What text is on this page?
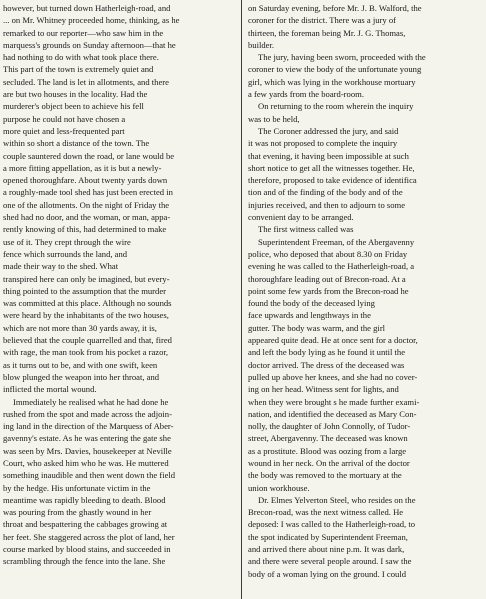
however, but turned down Hatherleigh-road, and
... on Mr. Whitney proceeded home, thinking, as he
remarked to our reporter—who saw him in the
marquess's grounds on Sunday afternoon—that he
had nothing to do with what took place there.
This part of the town is extremely quiet and
secluded. The land is let in allotments, and there
are but two houses in the locality. Had the
murderer's object been to achieve his fell
purpose he could not have chosen a
more quiet and less-frequented part
within so short a distance of the town. The
couple sauntered down the road, or lane would be
a more fitting appellation, as it is but a newly-
opened thoroughfare. About twenty yards down
a roughly-made tool shed has just been erected in
one of the allotments. On the night of Friday the
shed had no door, and the woman, or man, appa-
rently knowing of this, had determined to make
use of it. They crept through the wire
fence which surrounds the land, and
made their way to the shed. What
transpired here can only be imagined, but every-
thing pointed to the assumption that the murder
was committed at this place. Although no sounds
were heard by the inhabitants of the two houses,
which are not more than 30 yards away, it is,
believed that the couple quarrelled and that, fired
with rage, the man took from his pocket a razor,
as it turns out to be, and with one swift, keen
blow plunged the weapon into her throat, and
inflicted the mortal wound.
Immediately he realised what he had done he
rushed from the spot and made across the adjoin-
ing land in the direction of the Marquess of Aber-
gavenny's estate. As he was entering the gate she
was seen by Mrs. Davies, housekeeper at Neville
Court, who asked him who he was. He muttered
something inaudible and then went down the field
by the hedge. His unfortunate victim in the
meantime was rapidly bleeding to death. Blood
was pouring from the ghastly wound in her
throat and bespattering the cabbages growing at
her feet. She staggered across the plot of land, her
course marked by blood stains, and succeeded in
scrambling through the fence into the lane. She
on Saturday evening, before Mr. J. B. Walford, the
coroner for the district. There was a jury of
thirteen, the foreman being Mr. J. G. Thomas,
builder.
The jury, having been sworn, proceeded with the
coroner to view the body of the unfortunate young
girl, which was lying in the workhouse mortuary
a few yards from the board-room.
On returning to the room wherein the inquiry
was to be held,
The Coroner addressed the jury, and said
it was not proposed to complete the inquiry
that evening, it having been impossible at such
short notice to get all the witnesses together. He,
therefore, proposed to take evidence of identifica
tion and of the finding of the body and of the
injuries received, and then to adjourn to some
convenient day to be arranged.
The first witness called was
Superintendent Freeman, of the Abergavenny
police, who deposed that about 8.30 on Friday
evening he was called to the Hatherleigh-road, a
thoroughfare leading out of Brecon-road. At a
point some few yards from the Brecon-road he
found the body of the deceased lying
face upwards and lengthways in the
gutter. The body was warm, and the girl
appeared quite dead. He at once sent for a doctor,
and left the body lying as he found it until the
doctor arrived. The dress of the deceased was
pulled up above her knees, and she had no cover-
ing on her head. Witness sent for lights, and
when they were brought s he made further exami-
nation, and identified the deceased as Mary Con-
nolly, the daughter of John Connolly, of Tudor-
street, Abergavenny. The deceased was known
as a prostitute. Blood was oozing from a large
wound in her neck. On the arrival of the doctor
the body was removed to the mortuary at the
union workhouse.
Dr. Elmes Yelverton Steel, who resides on the
Brecon-road, was the next witness called. He
deposed: I was called to the Hatherleigh-road, to
the spot indicated by Superintendent Freeman,
and arrived there about nine p.m. It was dark,
and there were several people around. I saw the
body of a woman lying on the ground. I could
